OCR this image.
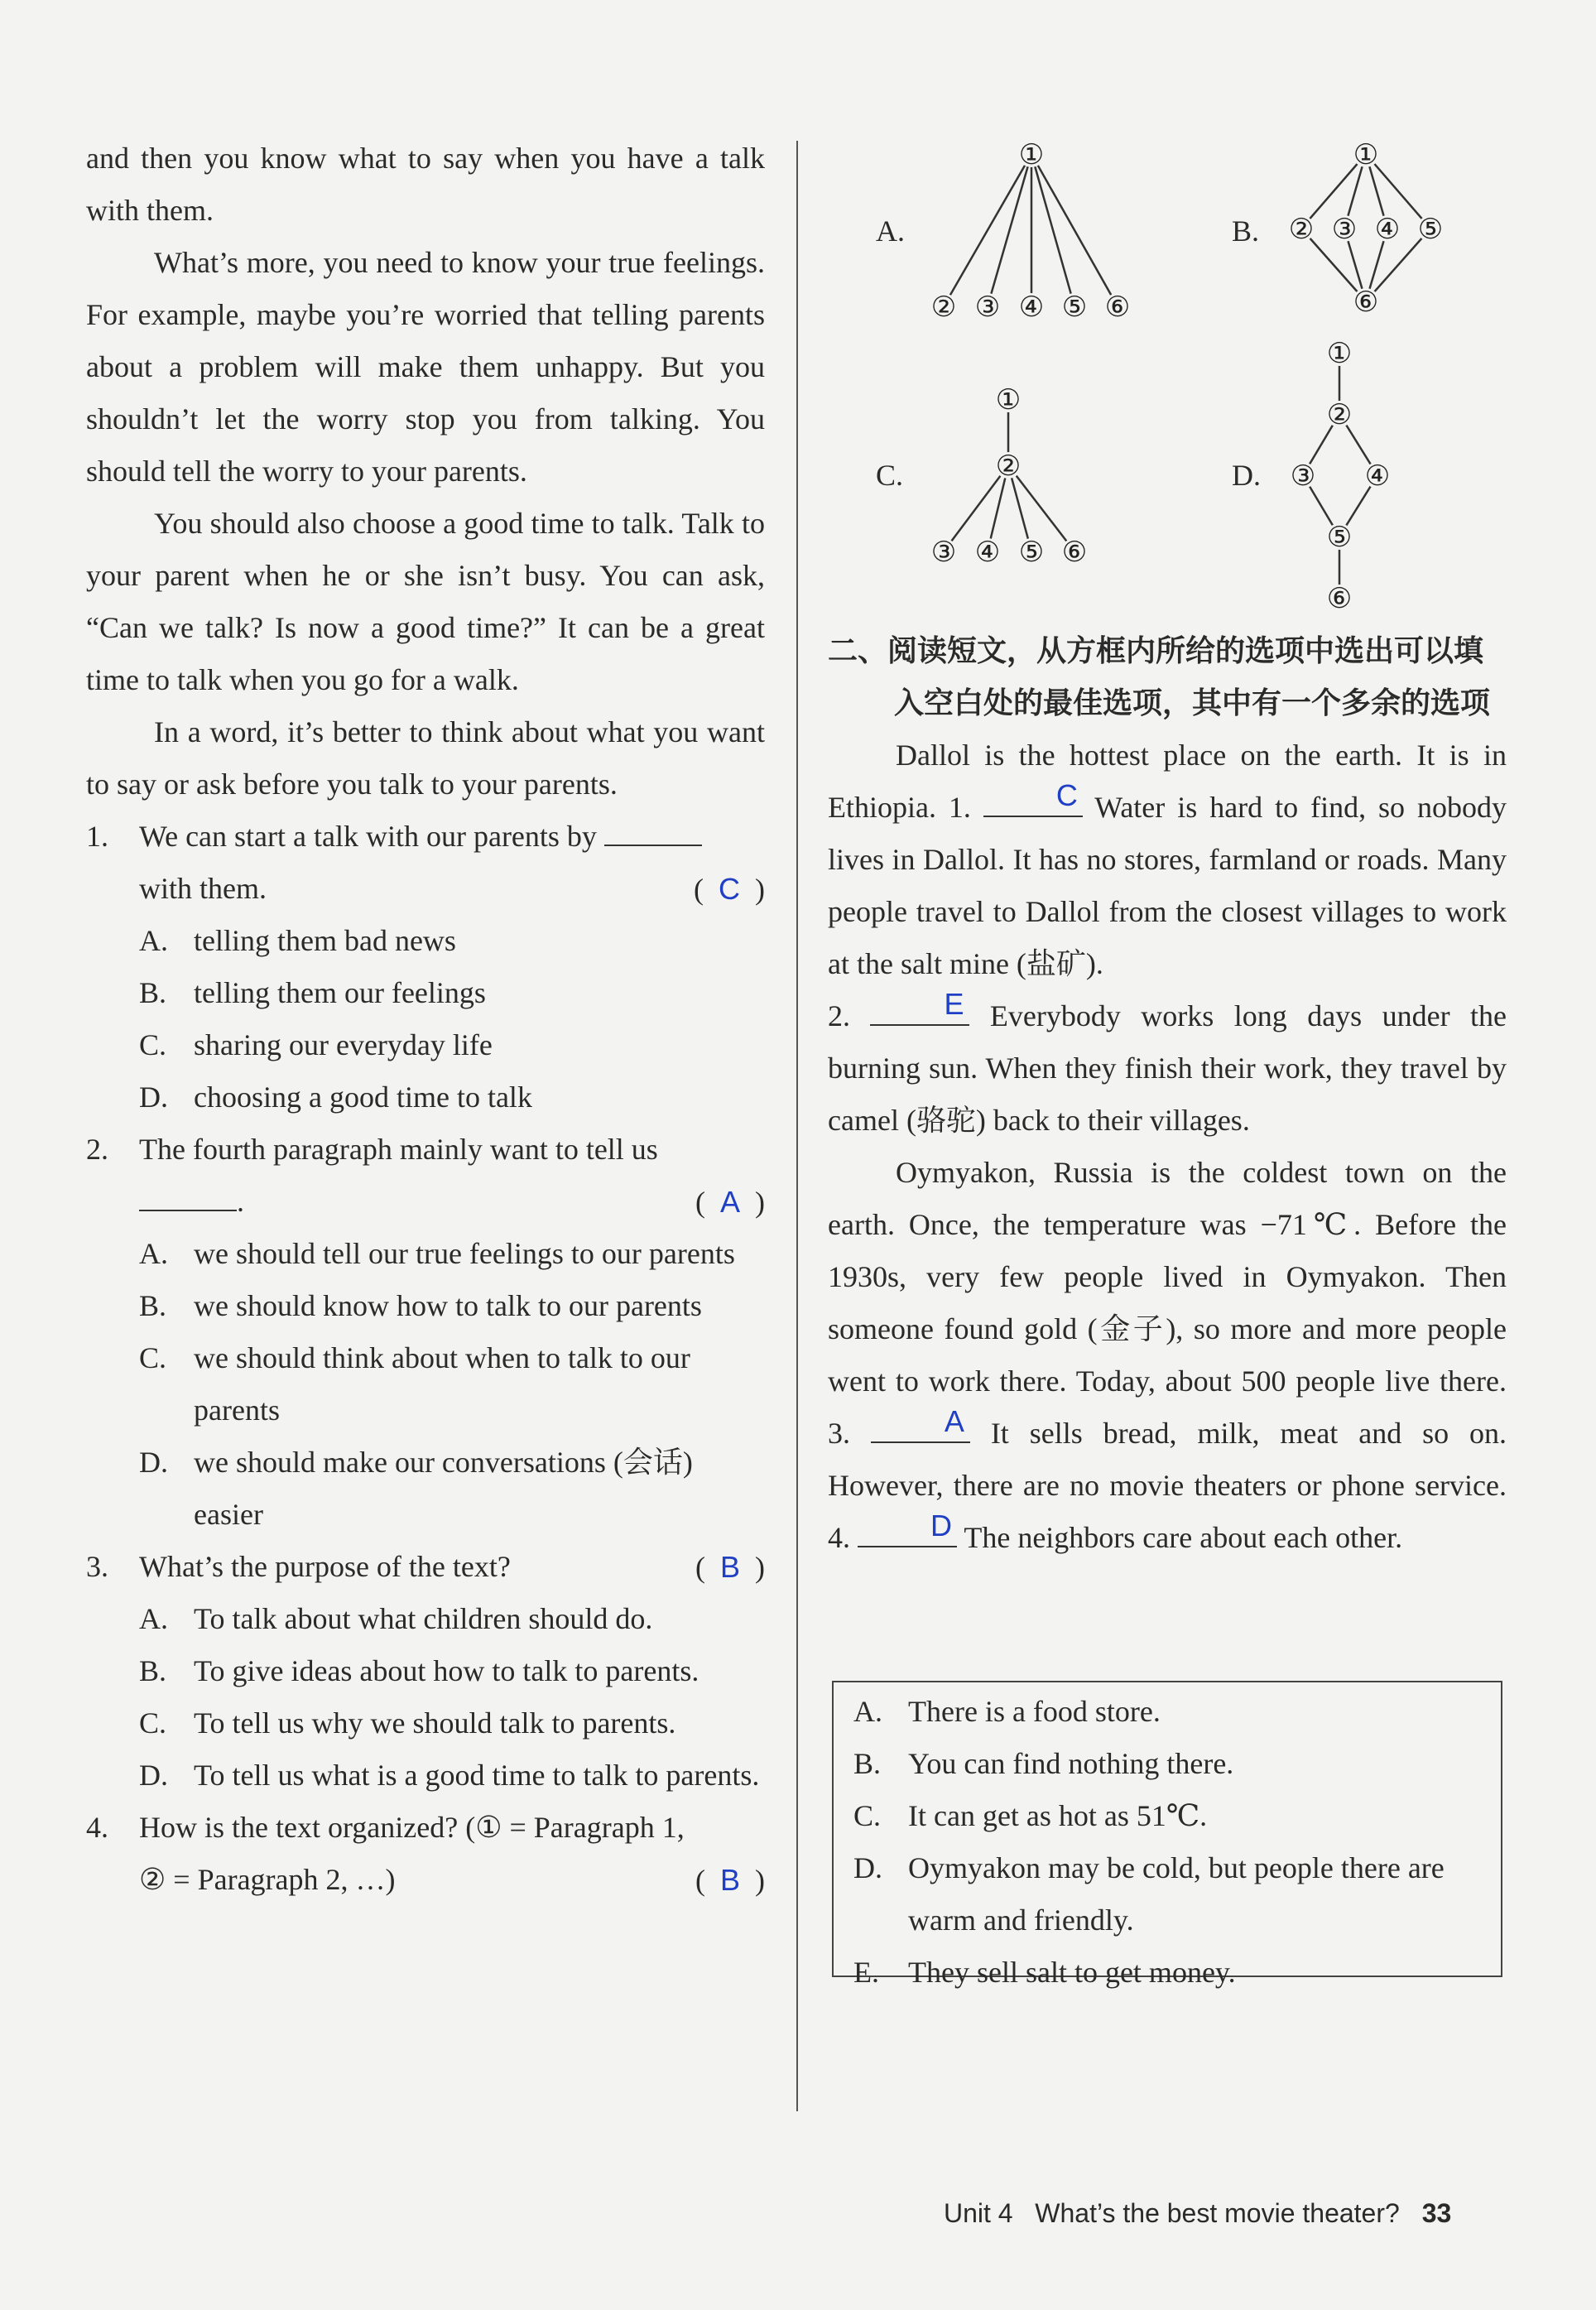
and then you know what to say when you have a talk with them.

What’s more, you need to know your true feelings. For example, maybe you’re worried that telling parents about a problem will make them unhappy. But you shouldn’t let the worry stop you from talking. You should tell the worry to your parents.

You should also choose a good time to talk. Talk to your parent when he or she isn’t busy. You can ask, “Can we talk? Is now a good time?” It can be a great time to talk when you go for a walk.

In a word, it’s better to think about what you want to say or ask before you talk to your parents.

1. We can start a talk with our parents by
with them.	(  C  )
A. telling them bad news
B. telling them our feelings
C. sharing our everyday life
D. choosing a good time to talk
2. The fourth paragraph mainly want to tell us
.	(  A  )
A. we should tell our true feelings to our parents
B. we should know how to talk to our parents
C. we should think about when to talk to our parents
D. we should make our conversations (会话) easier
3. What’s the purpose of the text?	(  B  )
A. To talk about what children should do.
B. To give ideas about how to talk to parents.
C. To tell us why we should talk to parents.
D. To tell us what is a good time to talk to parents.
4. How is the text organized? (① = Paragraph 1,
② = Paragraph 2, …)	(  B  )
A.	B.
C.	D.
①
② ③ ④ ⑤ ⑥
①
② ③ ④ ⑤
⑥
①
②
③ ④ ⑤ ⑥
①
②
③ ④
⑤
⑥
二、阅读短文，从方框内所给的选项中选出可以填入空白处的最佳选项，其中有一个多余的选项

Dallol is the hottest place on the earth. It is in Ethiopia. 1.	C Water is hard to find, so nobody lives in Dallol. It has no stores, farmland or roads. Many people travel to Dallol from the closest villages to work at the salt mine (盐矿).
2.	E Everybody works long days under the burning sun. When they finish their work, they travel by camel (骆驼) back to their villages.

Oymyakon, Russia is the coldest town on the earth. Once, the temperature was −71℃. Before the 1930s, very few people lived in Oymyakon. Then someone found gold (金子), so more and more people went to work there. Today, about 500 people live there. 3.	A It sells bread, milk, meat and so on. However, there are no movie theaters or phone service. 4.	D The neighbors care about each other.

A. There is a food store.
B. You can find nothing there.
C. It can get as hot as 51℃.
D. Oymyakon may be cold, but people there are warm and friendly.
E. They sell salt to get money.
Unit 4 What’s the best movie theater? 33
